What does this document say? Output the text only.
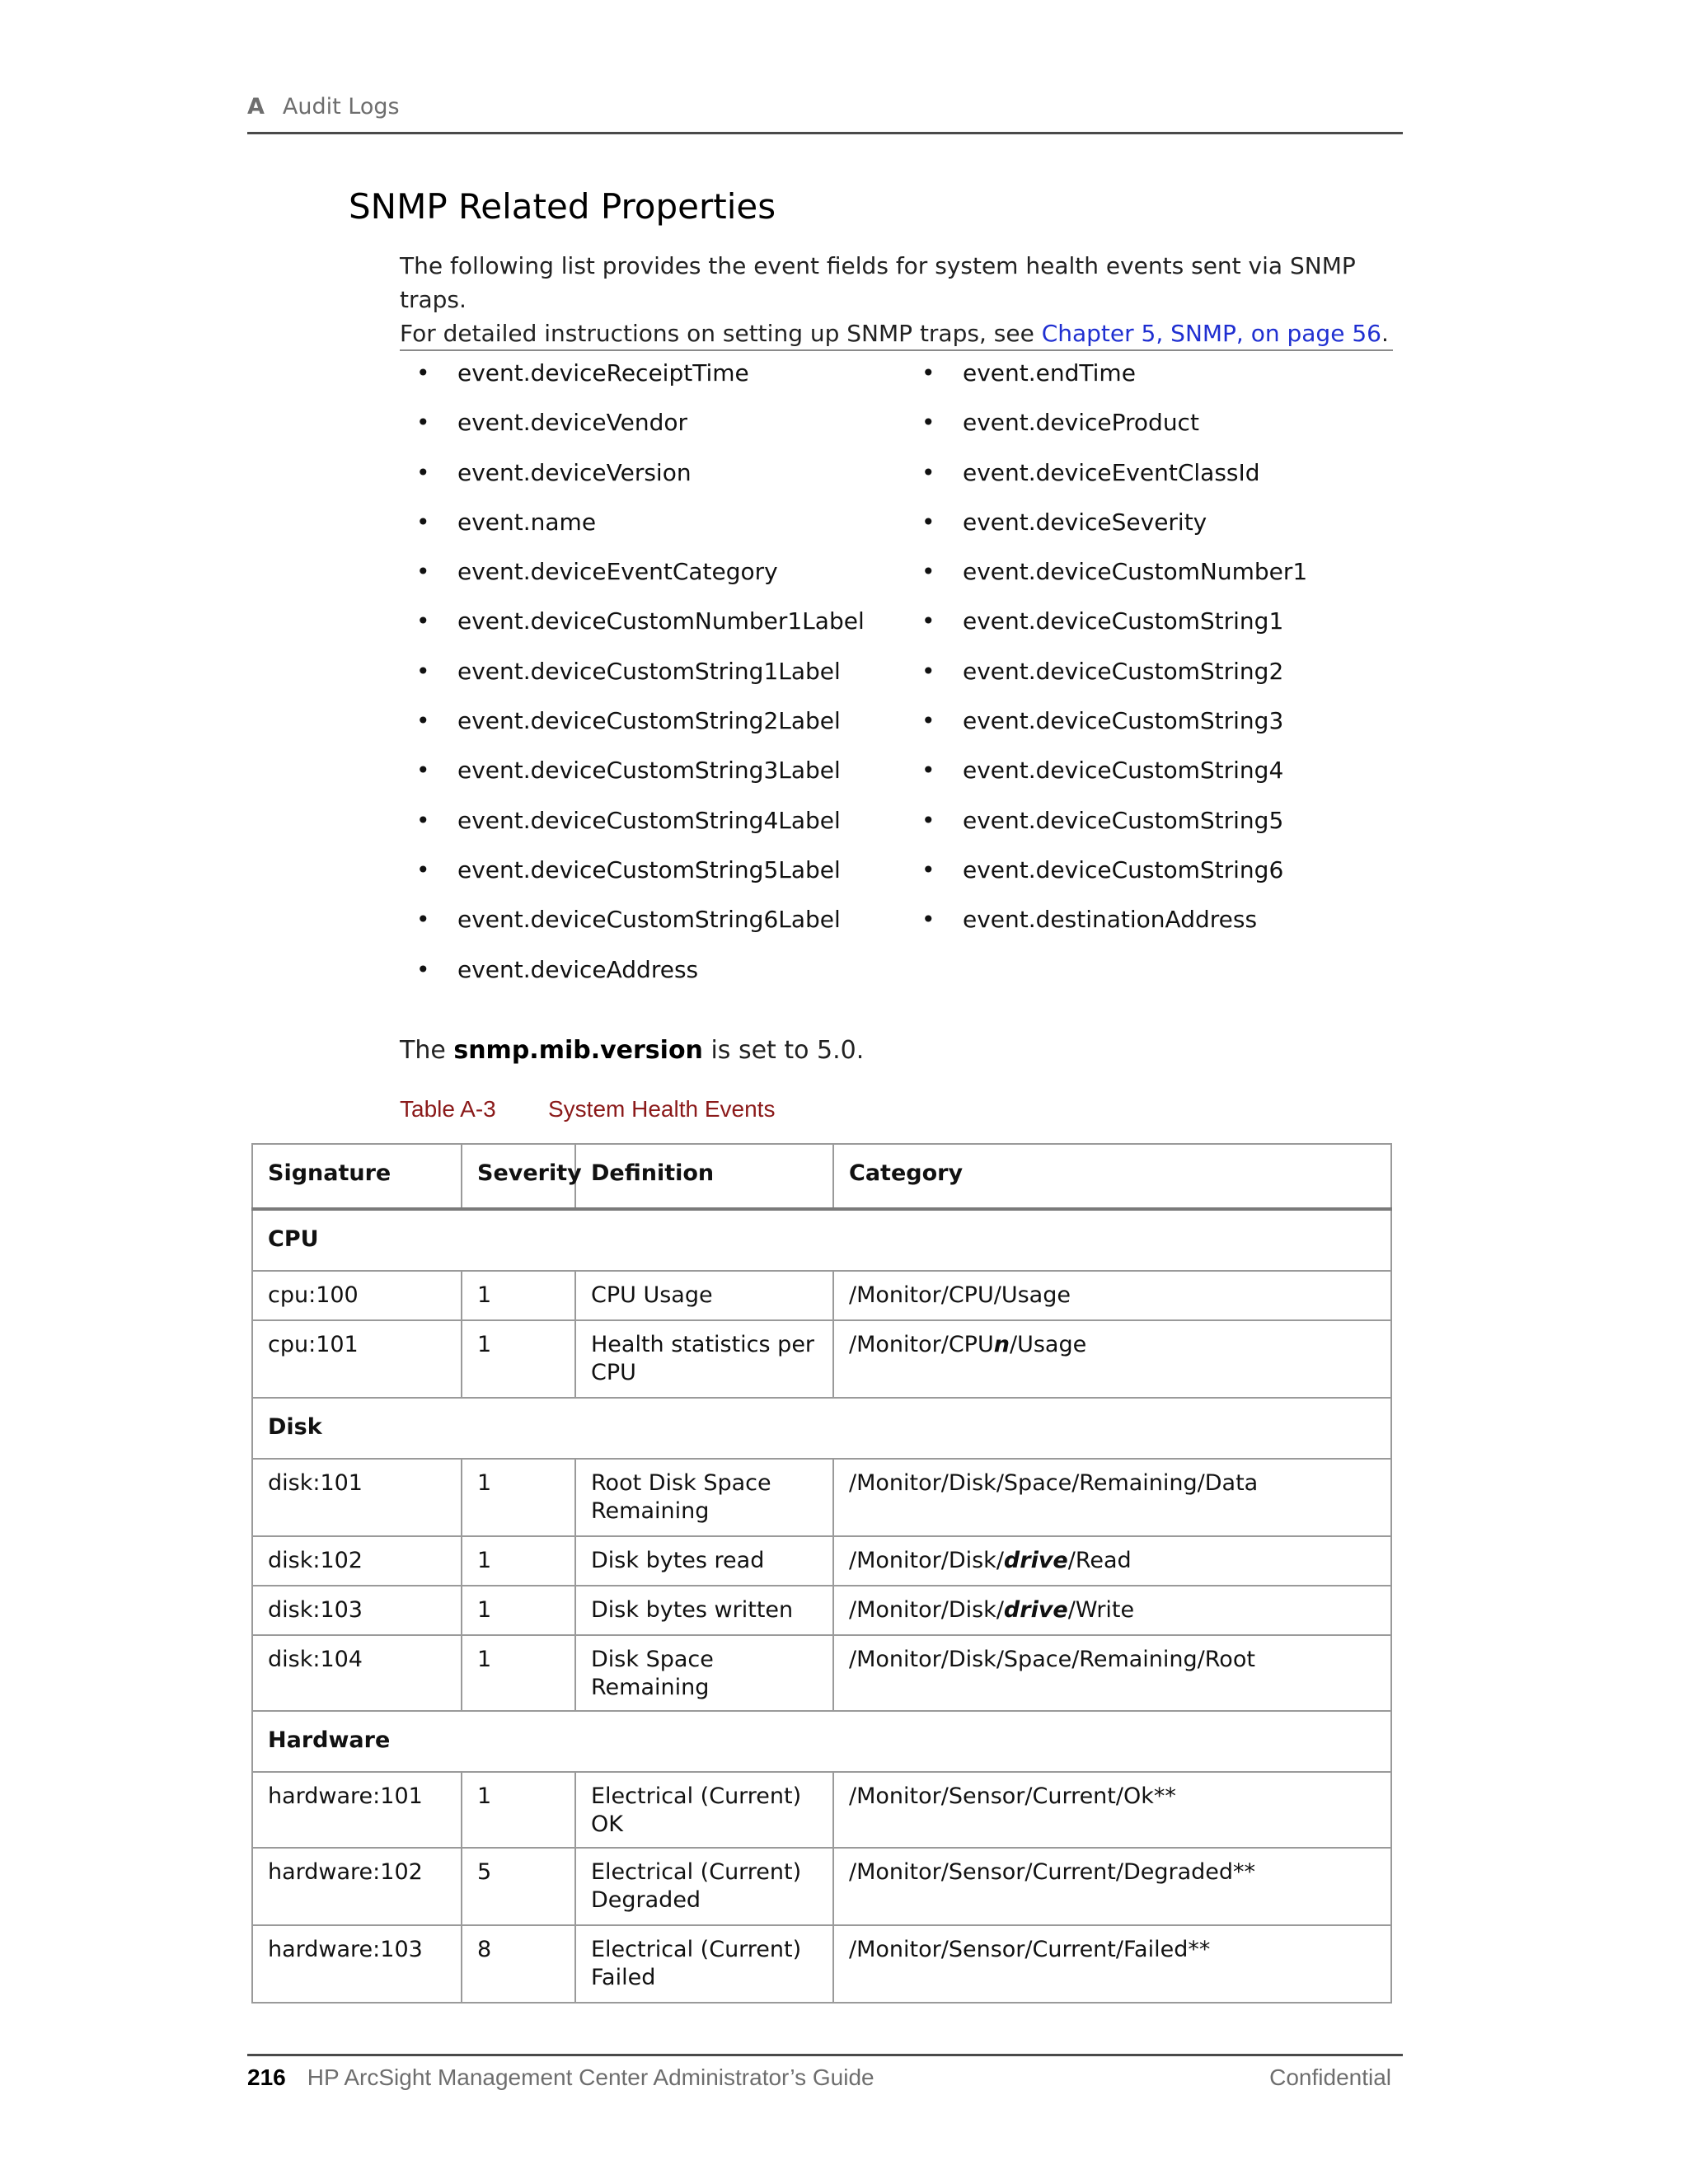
A Audit Logs
SNMP Related Properties
The following list provides the event fields for system health events sent via SNMP traps.
For detailed instructions on setting up SNMP traps, see Chapter 5, SNMP, on page 56.
• event.deviceReceiptTime
• event.deviceVendor
• event.deviceVersion
• event.name
• event.deviceEventCategory
• event.deviceCustomNumber1Label
• event.deviceCustomString1Label
• event.deviceCustomString2Label
• event.deviceCustomString3Label
• event.deviceCustomString4Label
• event.deviceCustomString5Label
• event.deviceCustomString6Label
• event.deviceAddress
• event.endTime
• event.deviceProduct
• event.deviceEventClassId
• event.deviceSeverity
• event.deviceCustomNumber1
• event.deviceCustomString1
• event.deviceCustomString2
• event.deviceCustomString3
• event.deviceCustomString4
• event.deviceCustomString5
• event.deviceCustomString6
• event.destinationAddress
The snmp.mib.version is set to 5.0.
Table A-3 System Health Events
Signature	Severity	Definition	Category
CPU			
cpu:100	1	CPU Usage	/Monitor/CPU/Usage
cpu:101	1	Health statistics per CPU	/Monitor/CPUn/Usage
Disk			
disk:101	1	Root Disk Space Remaining	/Monitor/Disk/Space/Remaining/Data
disk:102	1	Disk bytes read	/Monitor/Disk/drive/Read
disk:103	1	Disk bytes written	/Monitor/Disk/drive/Write
disk:104	1	Disk Space Remaining	/Monitor/Disk/Space/Remaining/Root
Hardware			
hardware:101	1	Electrical (Current) OK	/Monitor/Sensor/Current/Ok**
hardware:102	5	Electrical (Current) Degraded	/Monitor/Sensor/Current/Degraded**
hardware:103	8	Electrical (Current) Failed	/Monitor/Sensor/Current/Failed**
216 HP ArcSight Management Center Administrator’s Guide	Confidential
